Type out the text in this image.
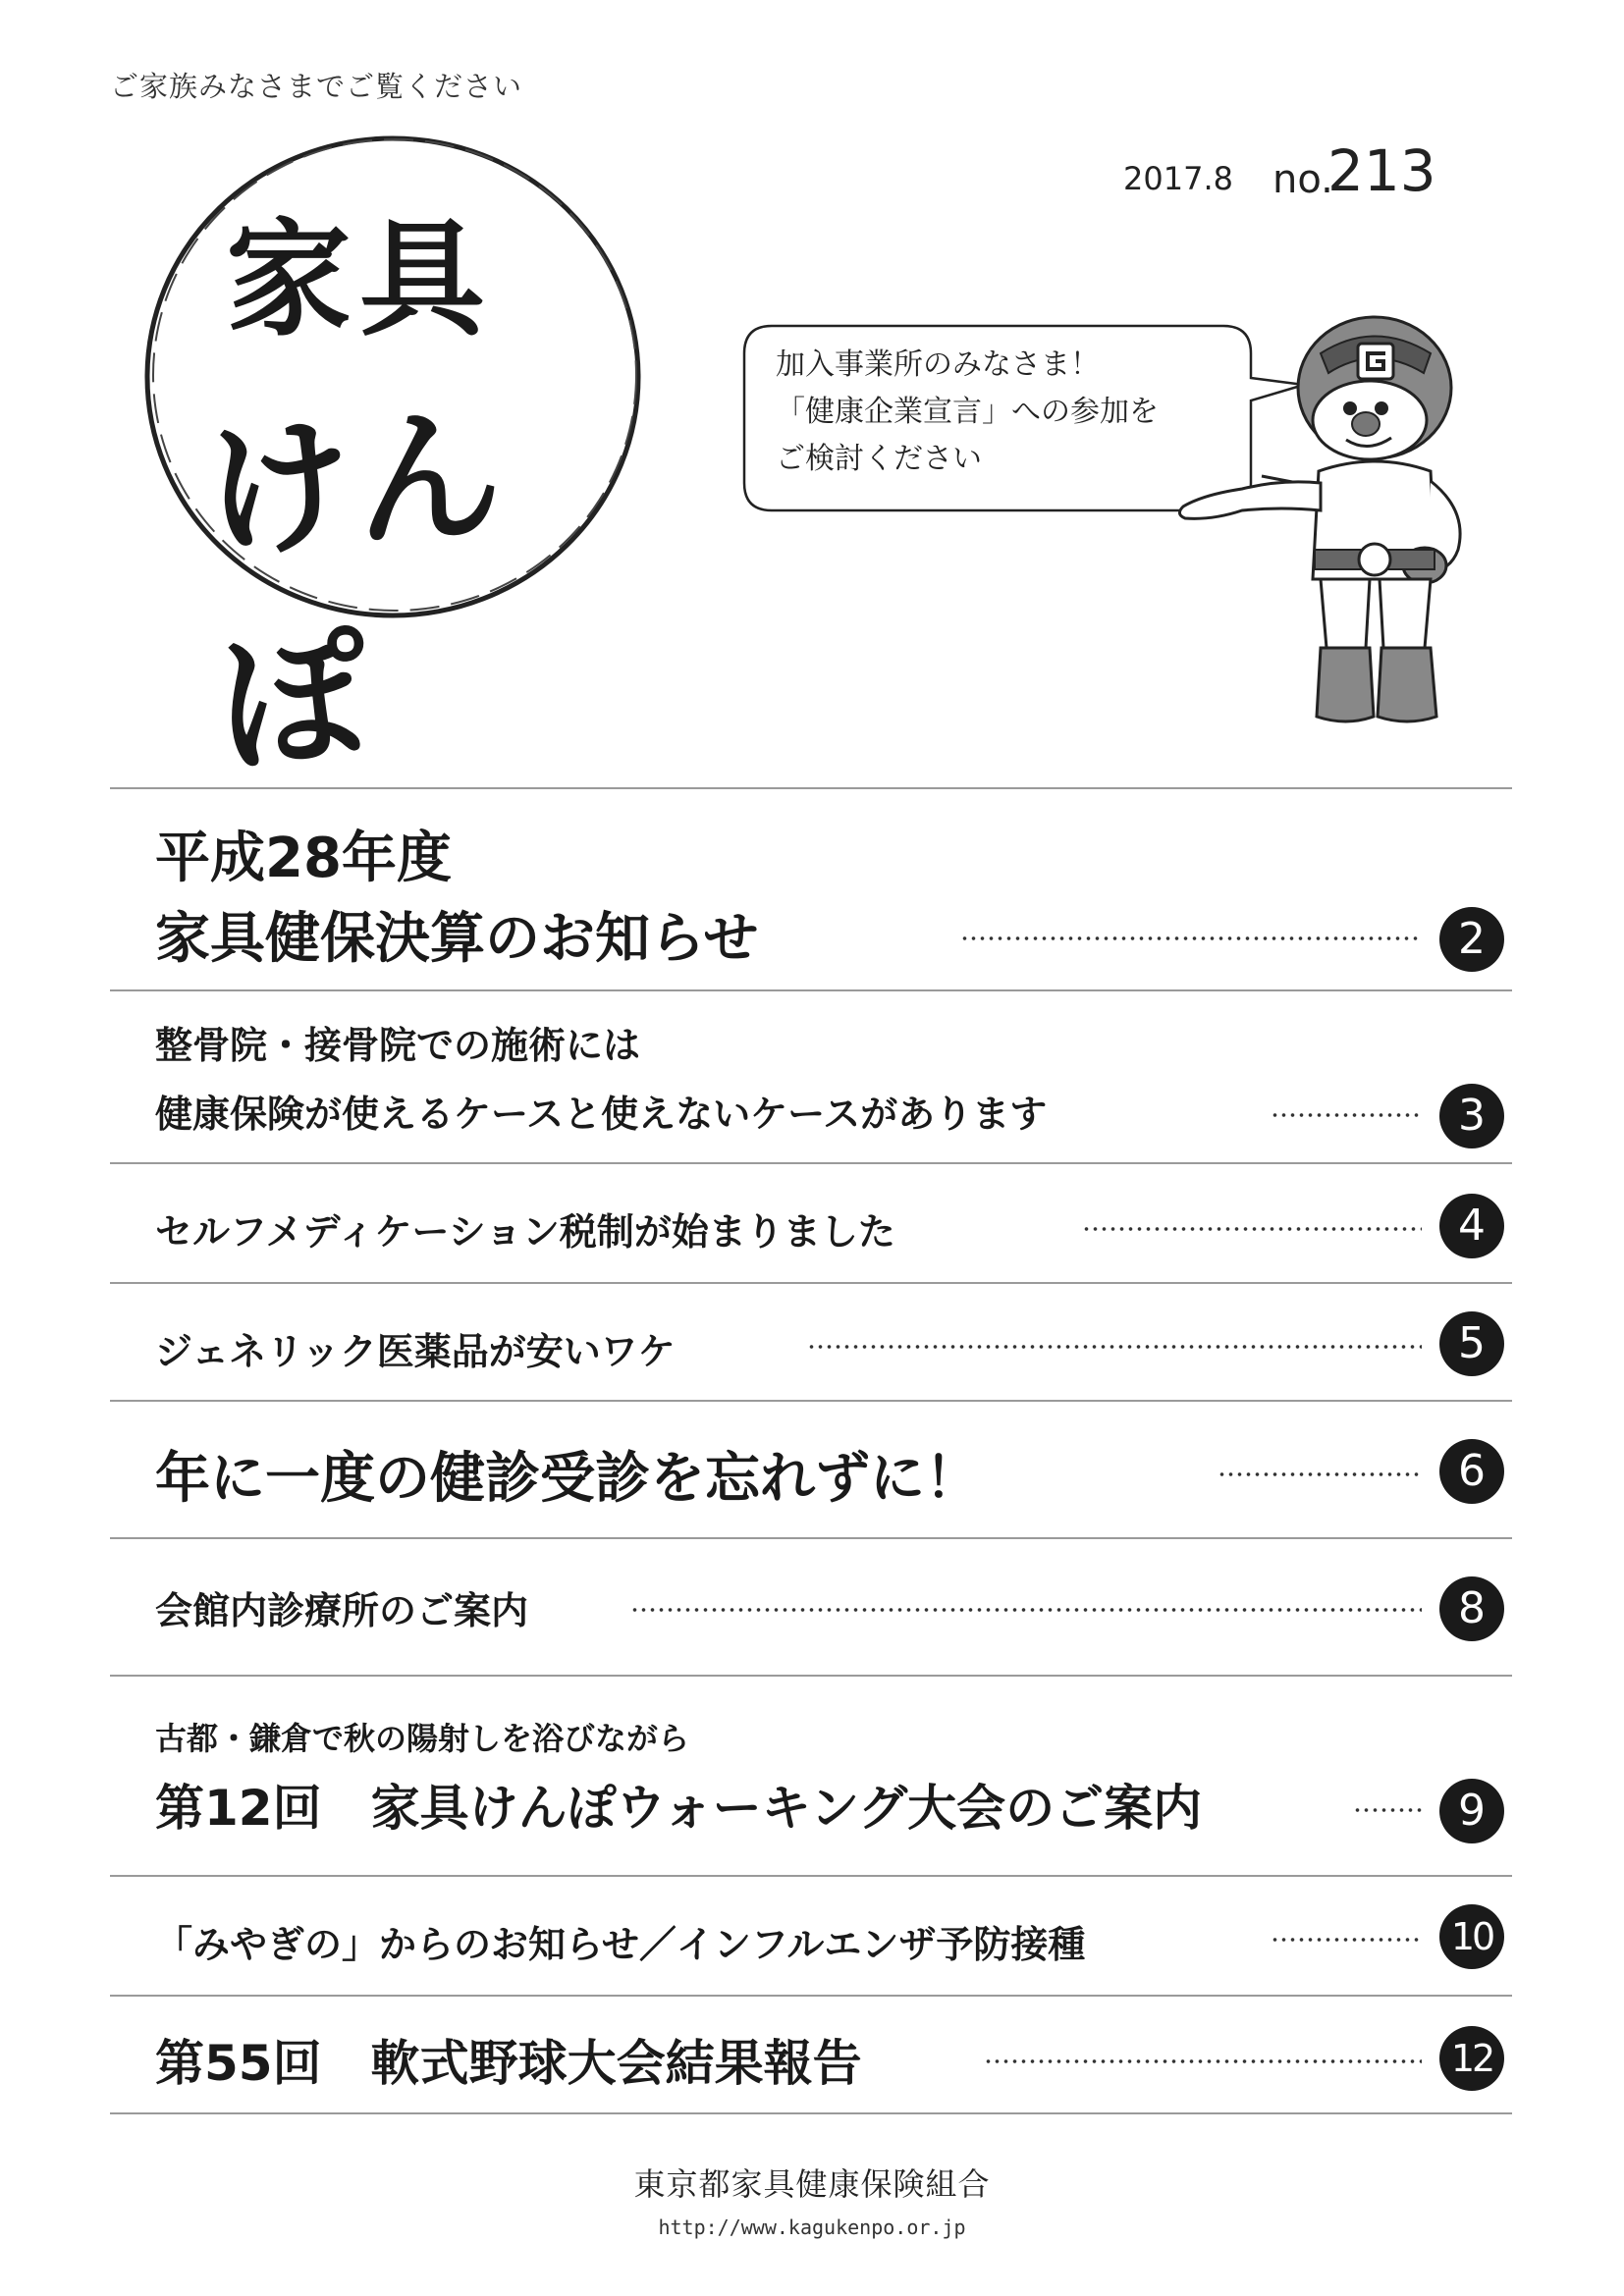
ご家族みなさまでご覧ください
家具
けんぽ
2017.8 no.
213
加入事業所のみなさま！
「健康企業宣言」への参加を
ご検討ください
平成28年度
家具健保決算のお知らせ	2
整骨院・接骨院での施術には
健康保険が使えるケースと使えないケースがあります	3
セルフメディケーション税制が始まりました	4
ジェネリック医薬品が安いワケ	5
年に一度の健診受診を忘れずに！	6
会館内診療所のご案内	8
古都・鎌倉で秋の陽射しを浴びながら
第12回　家具けんぽウォーキング大会のご案内	9
「みやぎの」からのお知らせ／インフルエンザ予防接種	10
第55回　軟式野球大会結果報告	12
東京都家具健康保険組合
http://www.kagukenpo.or.jp
